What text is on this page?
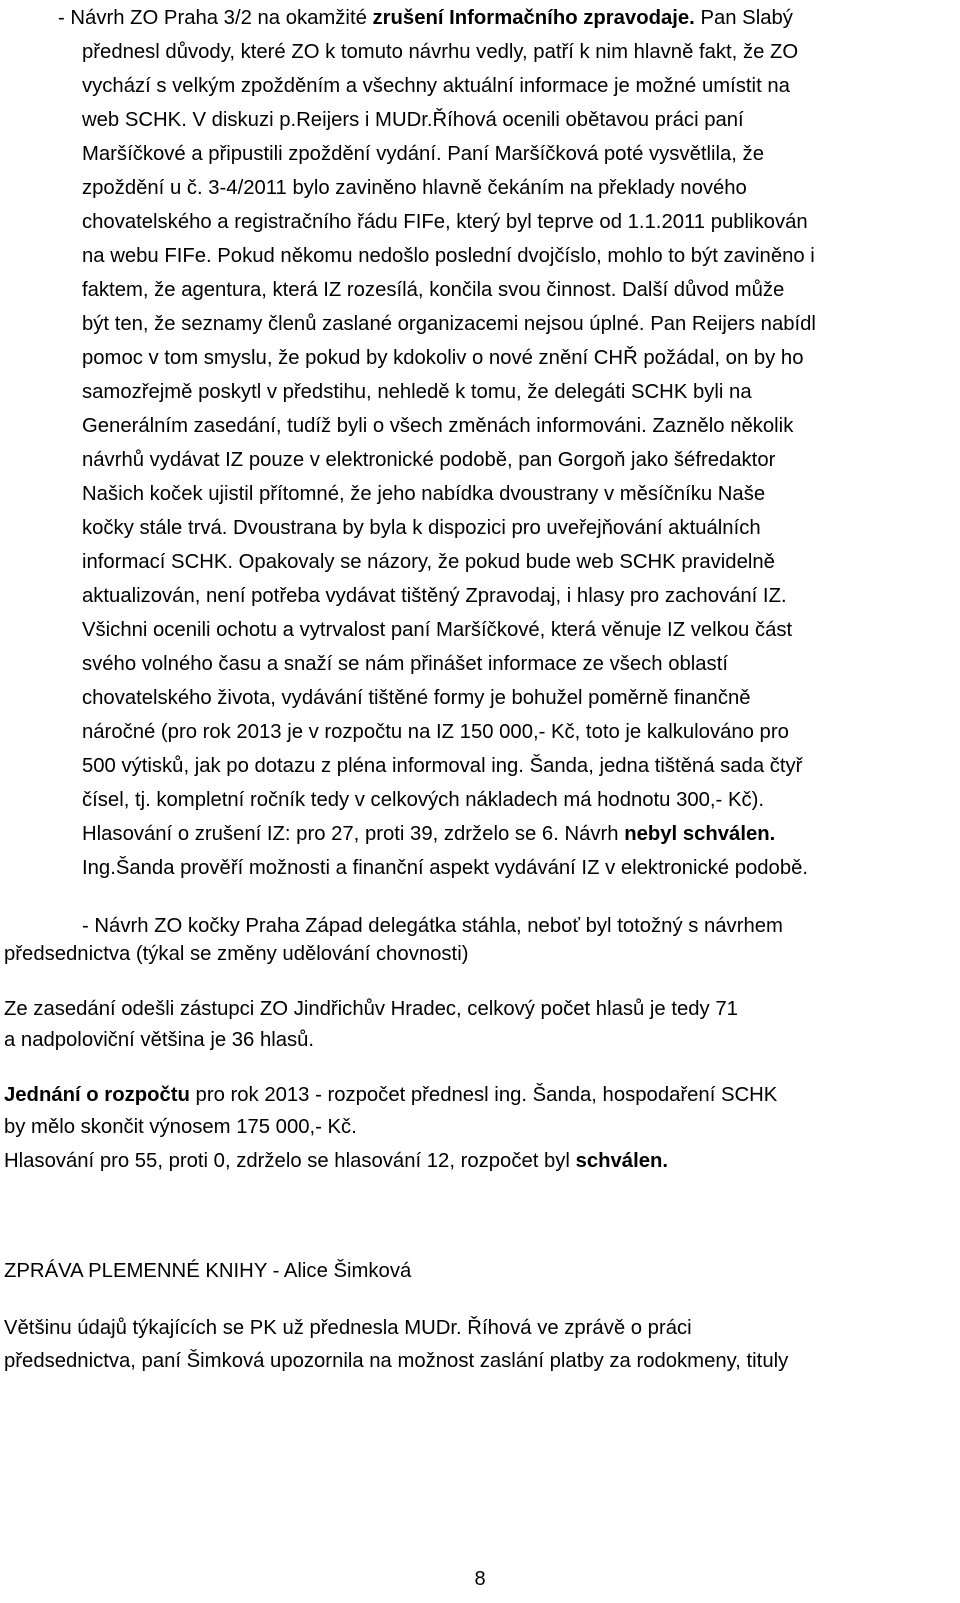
- Návrh ZO Praha 3/2 na okamžité zrušení Informačního zpravodaje. Pan Slabý
přednesl důvody, které ZO k tomuto návrhu vedly, patří k nim hlavně fakt, že ZO
vychází s velkým zpožděním a všechny aktuální informace je možné umístit na
web SCHK. V diskuzi p.Reijers i MUDr.Říhová ocenili obětavou práci paní
Maršíčkové a připustili zpoždění vydání. Paní Maršíčková poté vysvětlila, že
zpoždění u č. 3-4/2011 bylo zaviněno hlavně čekáním na překlady nového
chovatelského a registračního řádu FIFe, který byl teprve od 1.1.2011 publikován
na webu FIFe. Pokud někomu nedošlo poslední dvojčíslo, mohlo to být zaviněno i
faktem, že agentura, která IZ rozesílá, končila svou činnost. Další důvod může
být ten, že seznamy členů zaslané organizacemi nejsou úplné. Pan Reijers nabídl
pomoc v tom smyslu, že pokud by kdokoliv o nové znění CHŘ požádal, on by ho
samozřejmě poskytl v předstihu, nehledě k tomu, že delegáti SCHK byli na
Generálním zasedání, tudíž byli o všech změnách informováni. Zaznělo několik
návrhů vydávat IZ pouze v elektronické podobě, pan Gorgoň jako šéfredaktor
Našich koček ujistil přítomné, že jeho nabídka dvoustrany v měsíčníku Naše
kočky stále trvá. Dvoustrana by byla k dispozici pro uveřejňování aktuálních
informací SCHK. Opakovaly se názory, že pokud bude web SCHK pravidelně
aktualizován, není potřeba vydávat tištěný Zpravodaj, i hlasy pro zachování IZ.
Všichni ocenili ochotu a vytrvalost paní Maršíčkové, která věnuje IZ velkou část
svého volného času a snaží se nám přinášet informace ze všech oblastí
chovatelského života, vydávání tištěné formy je bohužel poměrně finančně
náročné (pro rok 2013 je v rozpočtu na IZ 150 000,- Kč, toto je kalkulováno pro
500 výtisků, jak po dotazu z pléna informoval ing. Šanda, jedna tištěná sada čtyř
čísel, tj. kompletní ročník tedy v celkových nákladech má hodnotu 300,- Kč).
Hlasování o zrušení IZ: pro 27, proti 39, zdrželo se 6. Návrh nebyl schválen.
Ing.Šanda prověří možnosti a finanční aspekt vydávání IZ v elektronické podobě.
- Návrh ZO kočky Praha Západ delegátka stáhla, neboť byl totožný s návrhem
předsednictva (týkal se změny udělování chovnosti)
Ze zasedání odešli zástupci ZO Jindřichův Hradec, celkový počet hlasů je tedy 71
a nadpoloviční většina je 36 hlasů.
Jednání o rozpočtu pro rok 2013 - rozpočet přednesl ing. Šanda, hospodaření SCHK
by mělo skončit výnosem 175 000,- Kč.
Hlasování pro 55, proti 0, zdrželo se hlasování 12, rozpočet byl schválen.
ZPRÁVA PLEMENNÉ KNIHY - Alice Šimková
Většinu údajů týkajících se PK už přednesla MUDr. Říhová ve zprávě o práci
předsednictva, paní Šimková upozornila na možnost zaslání platby za rodokmeny, tituly
8
